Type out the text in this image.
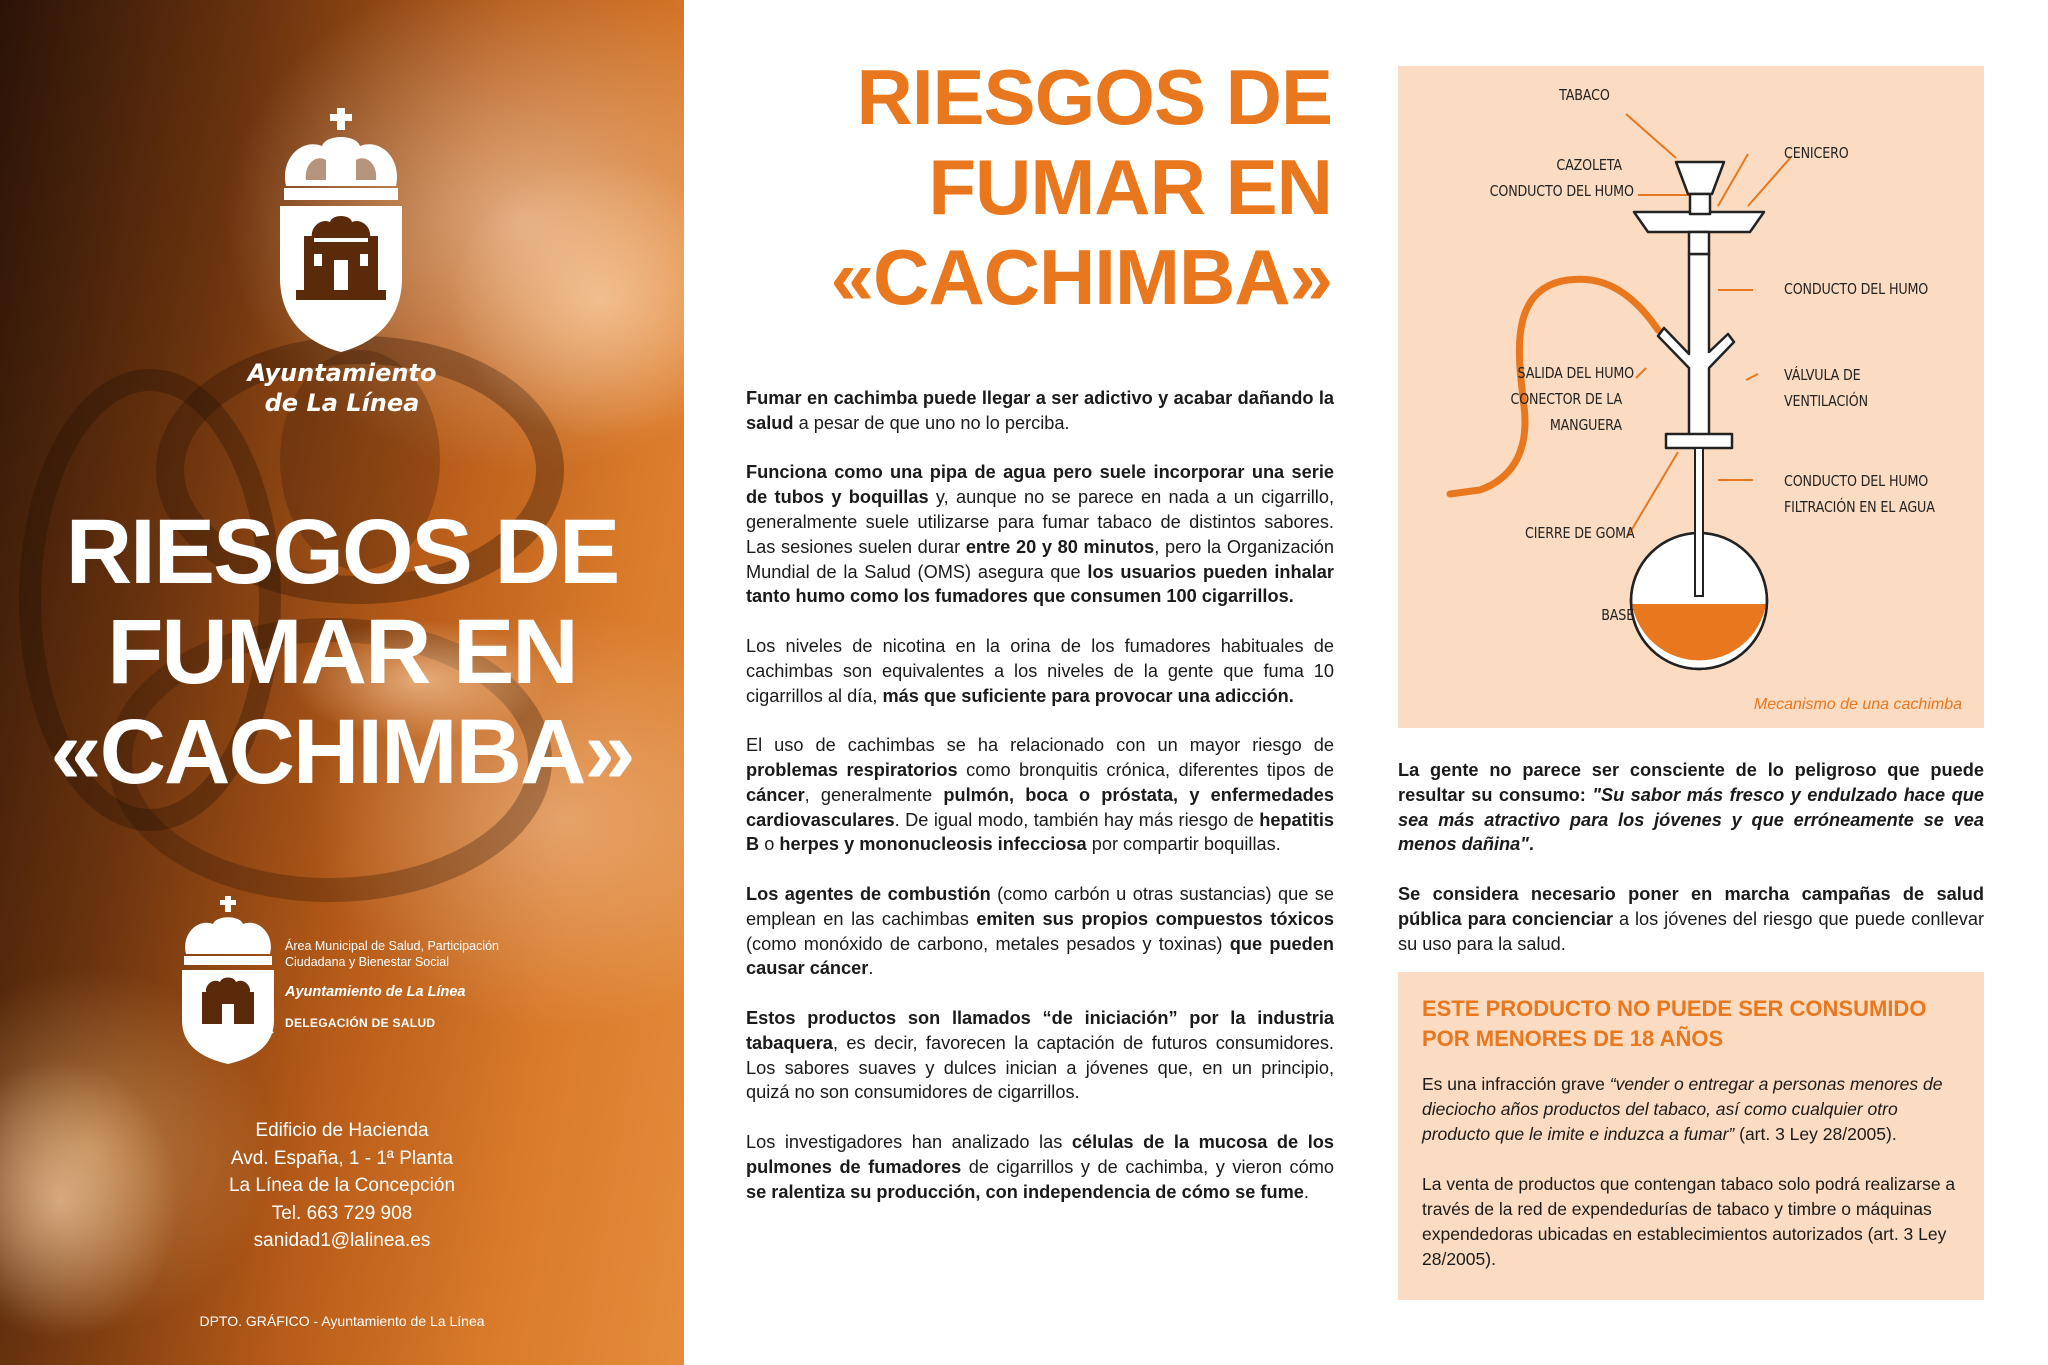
Ayuntamiento
de La Línea
RIESGOS DE
FUMAR EN
«CACHIMBA»
Área Municipal de Salud, Participación
Ciudadana y Bienestar Social
Ayuntamiento de La Línea
DELEGACIÓN DE SALUD
Edificio de Hacienda
Avd. España, 1 - 1ª Planta
La Línea de la Concepción
Tel. 663 729 908
sanidad1@lalinea.es
DPTO. GRÁFICO - Ayuntamiento de La Línea
RIESGOS DE
FUMAR EN
«CACHIMBA»

Fumar en cachimba puede llegar a ser adictivo y acabar dañando la salud a pesar de que uno no lo perciba.

Funciona como una pipa de agua pero suele incorporar una serie de tubos y boquillas y, aunque no se parece en nada a un cigarrillo, generalmente suele utilizarse para fumar tabaco de distintos sabores. Las sesiones suelen durar entre 20 y 80 minutos, pero la Organización Mundial de la Salud (OMS) asegura que los usuarios pueden inhalar tanto humo como los fumadores que consumen 100 cigarrillos.

Los niveles de nicotina en la orina de los fumadores habituales de cachimbas son equivalentes a los niveles de la gente que fuma 10 cigarrillos al día, más que suficiente para provocar una adicción.

El uso de cachimbas se ha relacionado con un mayor riesgo de problemas respiratorios como bronquitis crónica, diferentes tipos de cáncer, generalmente pulmón, boca o próstata, y enfermedades cardiovasculares. De igual modo, también hay más riesgo de hepatitis B o herpes y mononucleosis infecciosa por compartir boquillas.

Los agentes de combustión (como carbón u otras sustancias) que se emplean en las cachimbas emiten sus propios compuestos tóxicos (como monóxido de carbono, metales pesados y toxinas) que pueden causar cáncer.

Estos productos son llamados “de iniciación” por la industria tabaquera, es decir, favorecen la captación de futuros consumidores. Los sabores suaves y dulces inician a jóvenes que, en un principio, quizá no son consumidores de cigarrillos.

Los investigadores han analizado las células de la mucosa de los pulmones de fumadores de cigarrillos y de cachimba, y vieron cómo se ralentiza su producción, con independencia de cómo se fume.

TABACO
CAZOLETA
CONDUCTO DEL HUMO
CENICERO
CONDUCTO DEL HUMO
SALIDA DEL HUMO
CONECTOR DE LA
MANGUERA
VÁLVULA DE VENTILACIÓN
CONDUCTO DEL HUMO
FILTRACIÓN EN EL AGUA
CIERRE DE GOMA
BASE
Mecanismo de una cachimba

La gente no parece ser consciente de lo peligroso que puede resultar su consumo: "Su sabor más fresco y endulzado hace que sea más atractivo para los jóvenes y que erróneamente se vea menos dañina".

Se considera necesario poner en marcha campañas de salud pública para concienciar a los jóvenes del riesgo que puede conllevar su uso para la salud.

ESTE PRODUCTO NO PUEDE SER CONSUMIDO
POR MENORES DE 18 AÑOS

Es una infracción grave “vender o entregar a personas menores de dieciocho años productos del tabaco, así como cualquier otro producto que le imite e induzca a fumar” (art. 3 Ley 28/2005).

La venta de productos que contengan tabaco solo podrá realizarse a través de la red de expendedurías de tabaco y timbre o máquinas expendedoras ubicadas en establecimientos autorizados (art. 3 Ley 28/2005).
